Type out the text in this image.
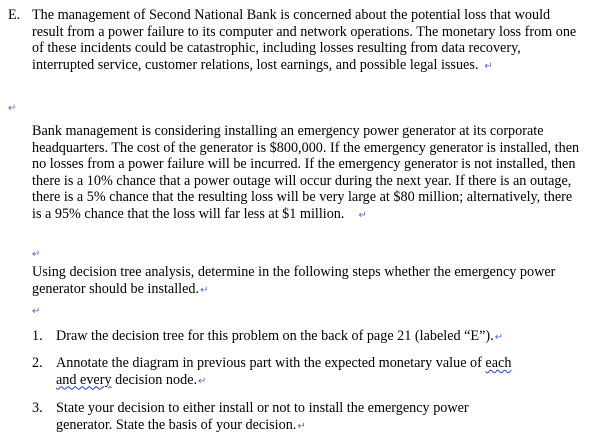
E. The management of Second National Bank is concerned about the potential loss that would result from a power failure to its computer and network operations. The monetary loss from one of these incidents could be catastrophic, including losses resulting from data recovery, interrupted service, customer relations, lost earnings, and possible legal issues. ↵

↵

Bank management is considering installing an emergency power generator at its corporate headquarters. The cost of the generator is $800,000. If the emergency generator is installed, then no losses from a power failure will be incurred. If the emergency generator is not installed, then there is a 10% chance that a power outage will occur during the next year. If there is an outage, there is a 5% chance that the resulting loss will be very large at $80 million; alternatively, there is a 95% chance that the loss will far less at $1 million. ↵

↵

Using decision tree analysis, determine in the following steps whether the emergency power generator should be installed.↵

↵
1. Draw the decision tree for this problem on the back of page 21 (labeled “E”).↵
2. Annotate the diagram in previous part with the expected monetary value of each
and every decision node.↵
3. State your decision to either install or not to install the emergency power generator. State the basis of your decision.↵
